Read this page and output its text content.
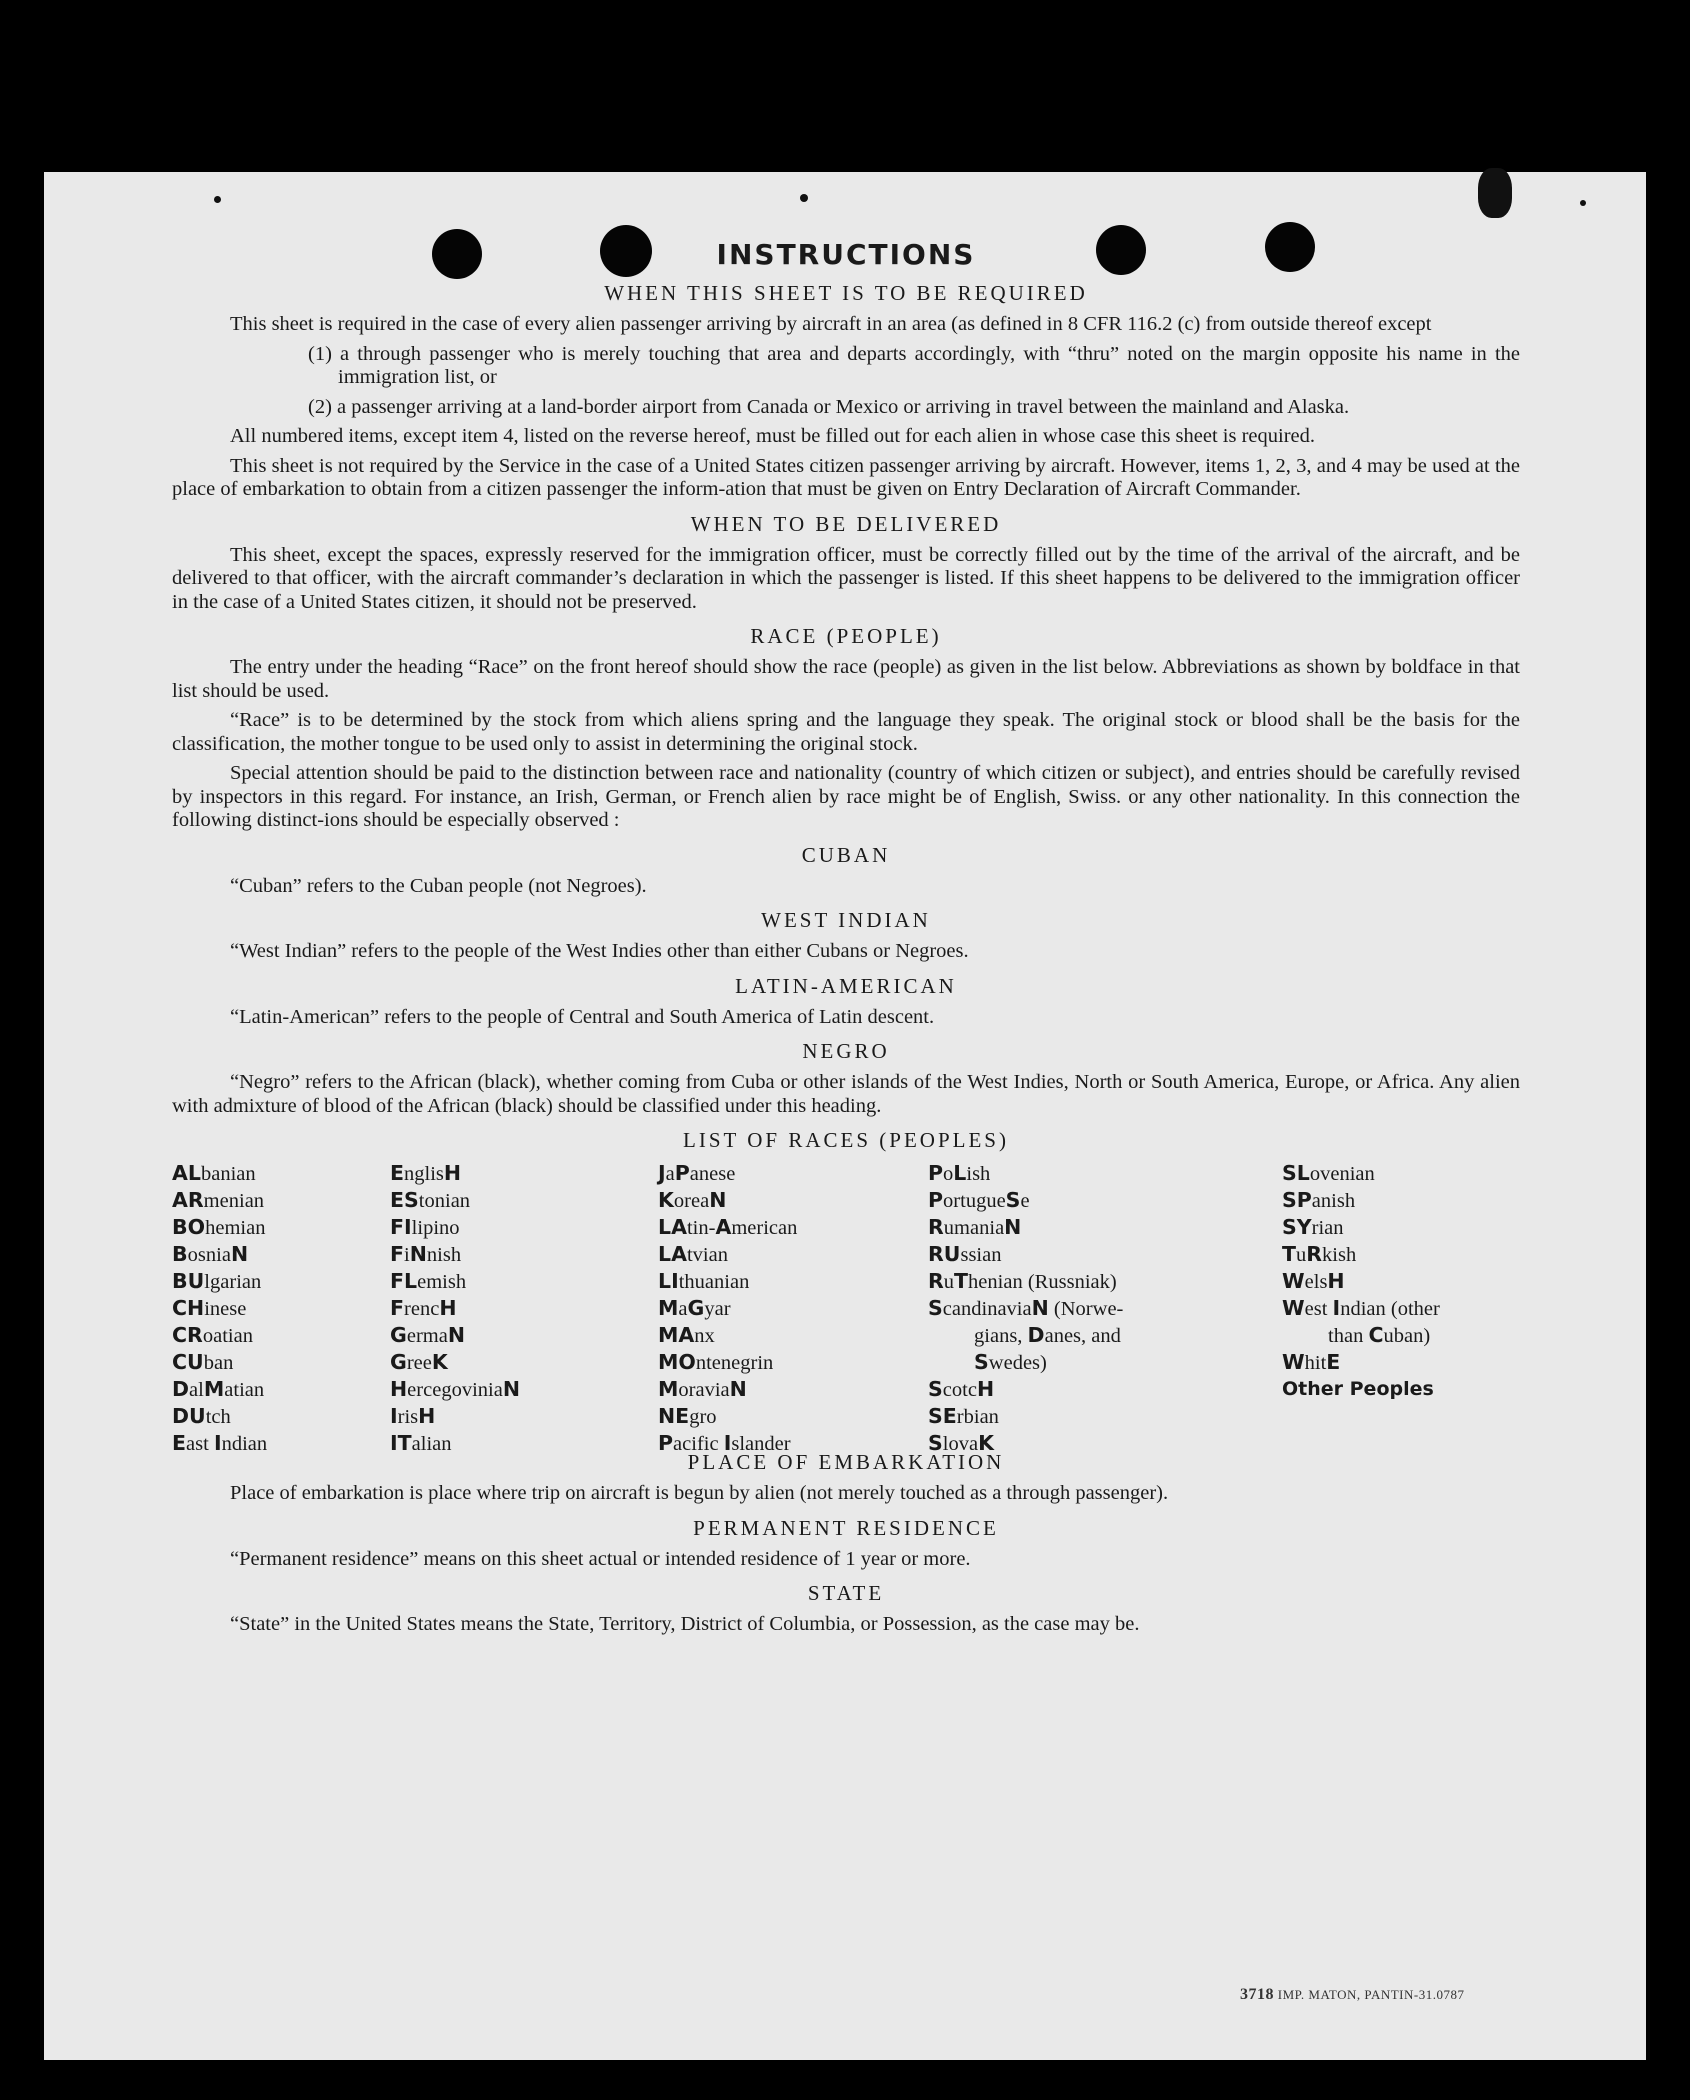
INSTRUCTIONS
WHEN THIS SHEET IS TO BE REQUIRED

This sheet is required in the case of every alien passenger arriving by aircraft in an area (as defined in 8 CFR 116.2 (c) from outside thereof except

(1) a through passenger who is merely touching that area and departs accordingly, with “thru” noted on the margin opposite his name in the immigration list, or

(2) a passenger arriving at a land-border airport from Canada or Mexico or arriving in travel between the mainland and Alaska.

All numbered items, except item 4, listed on the reverse hereof, must be filled out for each alien in whose case this sheet is required.

This sheet is not required by the Service in the case of a United States citizen passenger arriving by aircraft. However, items 1, 2, 3, and 4 may be used at the place of embarkation to obtain from a citizen passenger the inform-ation that must be given on Entry Declaration of Aircraft Commander.

WHEN TO BE DELIVERED

This sheet, except the spaces, expressly reserved for the immigration officer, must be correctly filled out by the time of the arrival of the aircraft, and be delivered to that officer, with the aircraft commander’s declaration in which the passenger is listed. If this sheet happens to be delivered to the immigration officer in the case of a United States citizen, it should not be preserved.

RACE (PEOPLE)

The entry under the heading “Race” on the front hereof should show the race (people) as given in the list below. Abbreviations as shown by boldface in that list should be used.

“Race” is to be determined by the stock from which aliens spring and the language they speak. The original stock or blood shall be the basis for the classification, the mother tongue to be used only to assist in determining the original stock.

Special attention should be paid to the distinction between race and nationality (country of which citizen or subject), and entries should be carefully revised by inspectors in this regard. For instance, an Irish, German, or French alien by race might be of English, Swiss. or any other nationality. In this connection the following distinct-ions should be especially observed :

CUBAN

“Cuban” refers to the Cuban people (not Negroes).

WEST INDIAN

“West Indian” refers to the people of the West Indies other than either Cubans or Negroes.

LATIN-AMERICAN

“Latin-American” refers to the people of Central and South America of Latin descent.

NEGRO

“Negro” refers to the African (black), whether coming from Cuba or other islands of the West Indies, North or South America, Europe, or Africa. Any alien with admixture of blood of the African (black) should be classified under this heading.

LIST OF RACES (PEOPLES)
ALbanian
ARmenian
BOhemian
BosniaN
BUlgarian
CHinese
CRoatian
CUban
DalMatian
DUtch
East Indian
EnglisH
EStonian
FIlipino
FiNnish
FLemish
FrencH
GermaN
GreeK
HercegoviniaN
IrisH
ITalian
JaPanese
KoreaN
LAtin-American
LAtvian
LIthuanian
MaGyar
MAnx
MOntenegrin
MoraviaN
NEgro
Pacific Islander
PoLish
PortugueSe
RumaniaN
RUssian
RuThenian (Russniak)
ScandinaviaN (Norwe-
gians, Danes, and
Swedes)
ScotcH
SErbian
SlovaK
SLovenian
SPanish
SYrian
TuRkish
WelsH
West Indian (other
than Cuban)
WhitE
Other Peoples
PLACE OF EMBARKATION

Place of embarkation is place where trip on aircraft is begun by alien (not merely touched as a through passenger).

PERMANENT RESIDENCE

“Permanent residence” means on this sheet actual or intended residence of 1 year or more.

STATE

“State” in the United States means the State, Territory, District of Columbia, or Possession, as the case may be.

3718 IMP. MATON, PANTIN-31.0787
